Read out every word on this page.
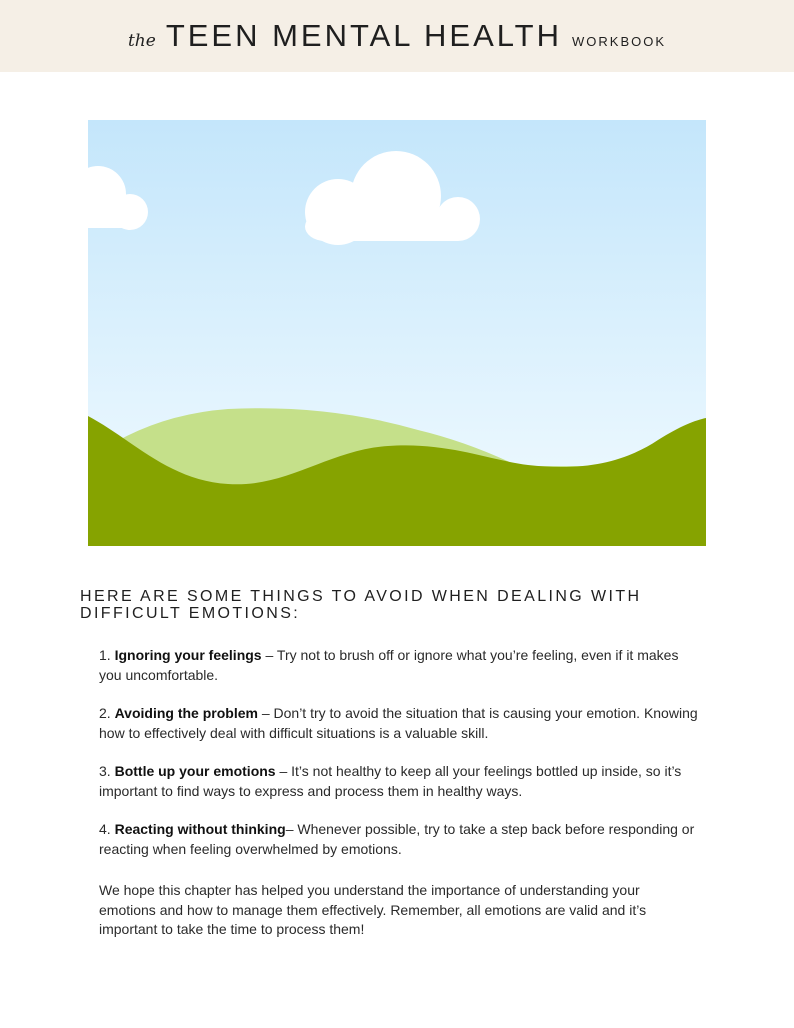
the TEEN MENTAL HEALTH WORKBOOK
HERE ARE SOME THINGS TO AVOID WHEN DEALING WITH DIFFICULT EMOTIONS:
1. Ignoring your feelings – Try not to brush off or ignore what you’re feeling, even if it makes you uncomfortable.
2. Avoiding the problem – Don’t try to avoid the situation that is causing your emotion. Knowing how to effectively deal with difficult situations is a valuable skill.
3. Bottle up your emotions – It’s not healthy to keep all your feelings bottled up inside, so it’s important to find ways to express and process them in healthy ways.
4. Reacting without thinking– Whenever possible, try to take a step back before responding or reacting when feeling overwhelmed by emotions.

We hope this chapter has helped you understand the importance of understanding your emotions and how to manage them effectively. Remember, all emotions are valid and it’s important to take the time to process them!
